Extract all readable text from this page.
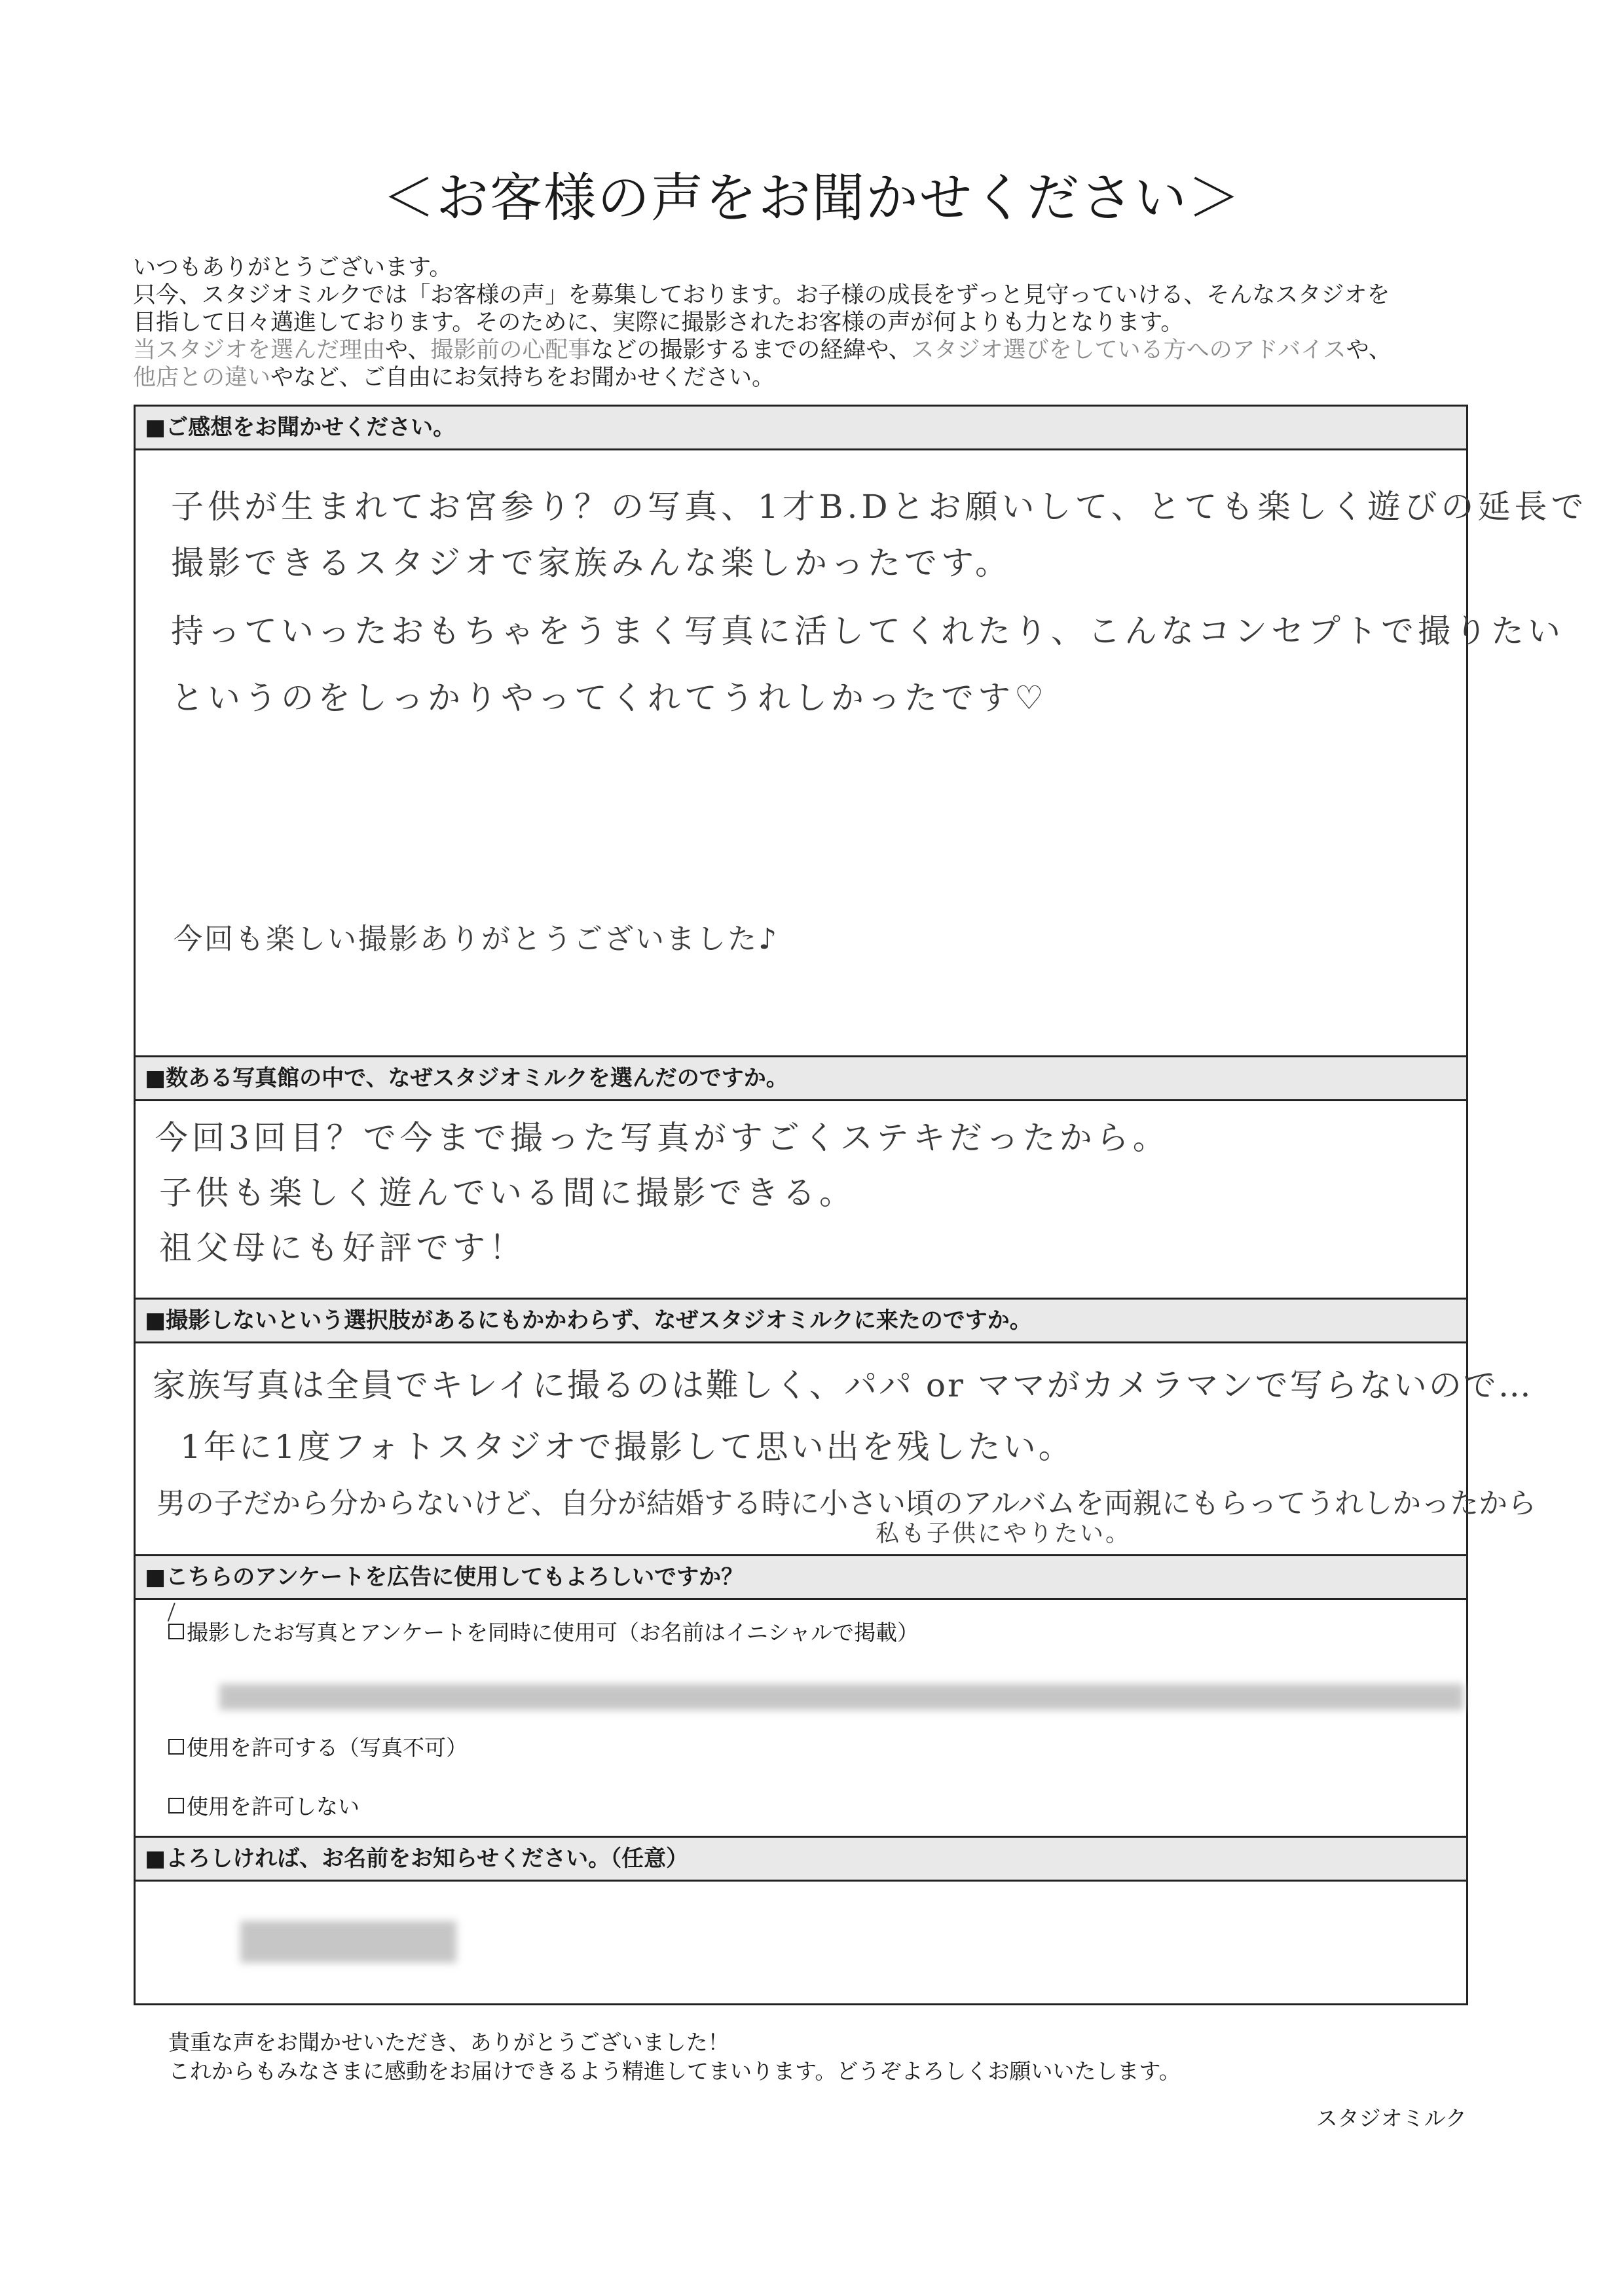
＜お客様の声をお聞かせください＞
いつもありがとうございます。
只今、スタジオミルクでは「お客様の声」を募集しております。お子様の成長をずっと見守っていける、そんなスタジオを
目指して日々邁進しております。そのために、実際に撮影されたお客様の声が何よりも力となります。
当スタジオを選んだ理由や、撮影前の心配事などの撮影するまでの経緯や、スタジオ選びをしている方へのアドバイスや、
他店との違いやなど、ご自由にお気持ちをお聞かせください。
■ご感想をお聞かせください。
子供が生まれてお宮参り？の写真、1才B.Dとお願いして、とても楽しく遊びの延長で
撮影できるスタジオで家族みんな楽しかったです。
持っていったおもちゃをうまく写真に活してくれたり、こんなコンセプトで撮りたい
というのをしっかりやってくれてうれしかったです♡
今回も楽しい撮影ありがとうございました♪
■数ある写真館の中で、なぜスタジオミルクを選んだのですか。
今回3回目？で今まで撮った写真がすごくステキだったから。
子供も楽しく遊んでいる間に撮影できる。
祖父母にも好評です！
■撮影しないという選択肢があるにもかかわらず、なぜスタジオミルクに来たのですか。
家族写真は全員でキレイに撮るのは難しく、パパ or ママがカメラマンで写らないので…
1年に1度フォトスタジオで撮影して思い出を残したい。
男の子だから分からないけど、自分が結婚する時に小さい頃のアルバムを両親にもらってうれしかったから
私も子供にやりたい。
■こちらのアンケートを広告に使用してもよろしいですか？
撮影したお写真とアンケートを同時に使用可（お名前はイニシャルで掲載）
使用を許可する（写真不可）
使用を許可しない
■よろしければ、お名前をお知らせください。（任意）
貴重な声をお聞かせいただき、ありがとうございました！
これからもみなさまに感動をお届けできるよう精進してまいります。どうぞよろしくお願いいたします。
スタジオミルク
